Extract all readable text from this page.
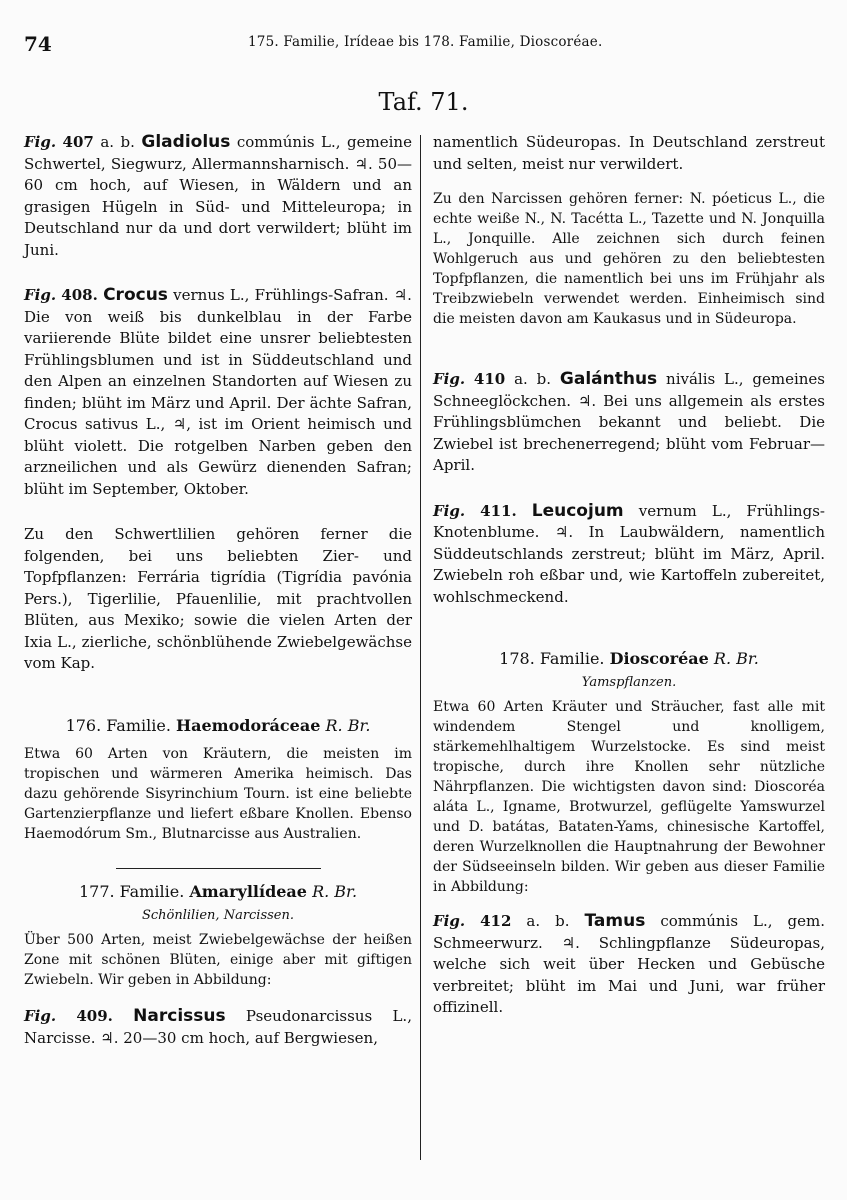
74	175. Familie, Irídeae bis 178. Familie, Dioscoréae.
Taf. 71.

Fig. 407 a. b. Gladiolus commúnis L., gemeine Schwertel, Siegwurz, Allermannsharnisch. ♃. 50—60 cm hoch, auf Wiesen, in Wäldern und an grasigen Hügeln in Süd- und Mitteleuropa; in Deutschland nur da und dort verwildert; blüht im Juni.

Fig. 408. Crocus vernus L., Frühlings-Safran. ♃. Die von weiß bis dunkelblau in der Farbe variierende Blüte bildet eine unsrer beliebtesten Frühlingsblumen und ist in Süddeutschland und den Alpen an einzelnen Standorten auf Wiesen zu finden; blüht im März und April. Der ächte Safran, Crocus sativus L., ♃, ist im Orient heimisch und blüht violett. Die rotgelben Narben geben den arzneilichen und als Gewürz dienenden Safran; blüht im September, Oktober.

Zu den Schwertlilien gehören ferner die folgenden, bei uns beliebten Zier- und Topfpflanzen: Ferrária tigrídia (Tigrídia pavónia Pers.), Tigerlilie, Pfauenlilie, mit prachtvollen Blüten, aus Mexiko; sowie die vielen Arten der Ixia L., zierliche, schönblühende Zwiebelgewächse vom Kap.

176. Familie. Haemodoráceae R. Br.

Etwa 60 Arten von Kräutern, die meisten im tropischen und wärmeren Amerika heimisch. Das dazu gehörende Sisyrinchium Tourn. ist eine beliebte Gartenzierpflanze und liefert eßbare Knollen. Ebenso Haemodórum Sm., Blutnarcisse aus Australien.

177. Familie. Amaryllídeae R. Br.

Schönlilien, Narcissen.

Über 500 Arten, meist Zwiebelgewächse der heißen Zone mit schönen Blüten, einige aber mit giftigen Zwiebeln. Wir geben in Abbildung:

Fig. 409. Narcissus Pseudonarcissus L., Narcisse. ♃. 20—30 cm hoch, auf Bergwiesen,

namentlich Südeuropas. In Deutschland zerstreut und selten, meist nur verwildert.

Zu den Narcissen gehören ferner: N. póeticus L., die echte weiße N., N. Tacétta L., Tazette und N. Jonquilla L., Jonquille. Alle zeichnen sich durch feinen Wohlgeruch aus und gehören zu den beliebtesten Topfpflanzen, die namentlich bei uns im Frühjahr als Treibzwiebeln verwendet werden. Einheimisch sind die meisten davon am Kaukasus und in Südeuropa.

Fig. 410 a. b. Galánthus nivális L., gemeines Schneeglöckchen. ♃. Bei uns allgemein als erstes Frühlingsblümchen bekannt und beliebt. Die Zwiebel ist brechenerregend; blüht vom Februar—April.

Fig. 411. Leucojum vernum L., Frühlings-Knotenblume. ♃. In Laubwäldern, namentlich Süddeutschlands zerstreut; blüht im März, April. Zwiebeln roh eßbar und, wie Kartoffeln zubereitet, wohlschmeckend.

178. Familie. Dioscoréae R. Br.

Yamspflanzen.

Etwa 60 Arten Kräuter und Sträucher, fast alle mit windendem Stengel und knolligem, stärkemehlhaltigem Wurzelstocke. Es sind meist tropische, durch ihre Knollen sehr nützliche Nährpflanzen. Die wichtigsten davon sind: Dioscoréa aláta L., Igname, Brotwurzel, geflügelte Yamswurzel und D. batátas, Bataten-Yams, chinesische Kartoffel, deren Wurzelknollen die Hauptnahrung der Bewohner der Südseeinseln bilden. Wir geben aus dieser Familie in Abbildung:

Fig. 412 a. b. Tamus commúnis L., gem. Schmeerwurz. ♃. Schlingpflanze Südeuropas, welche sich weit über Hecken und Gebüsche verbreitet; blüht im Mai und Juni, war früher offizinell.
